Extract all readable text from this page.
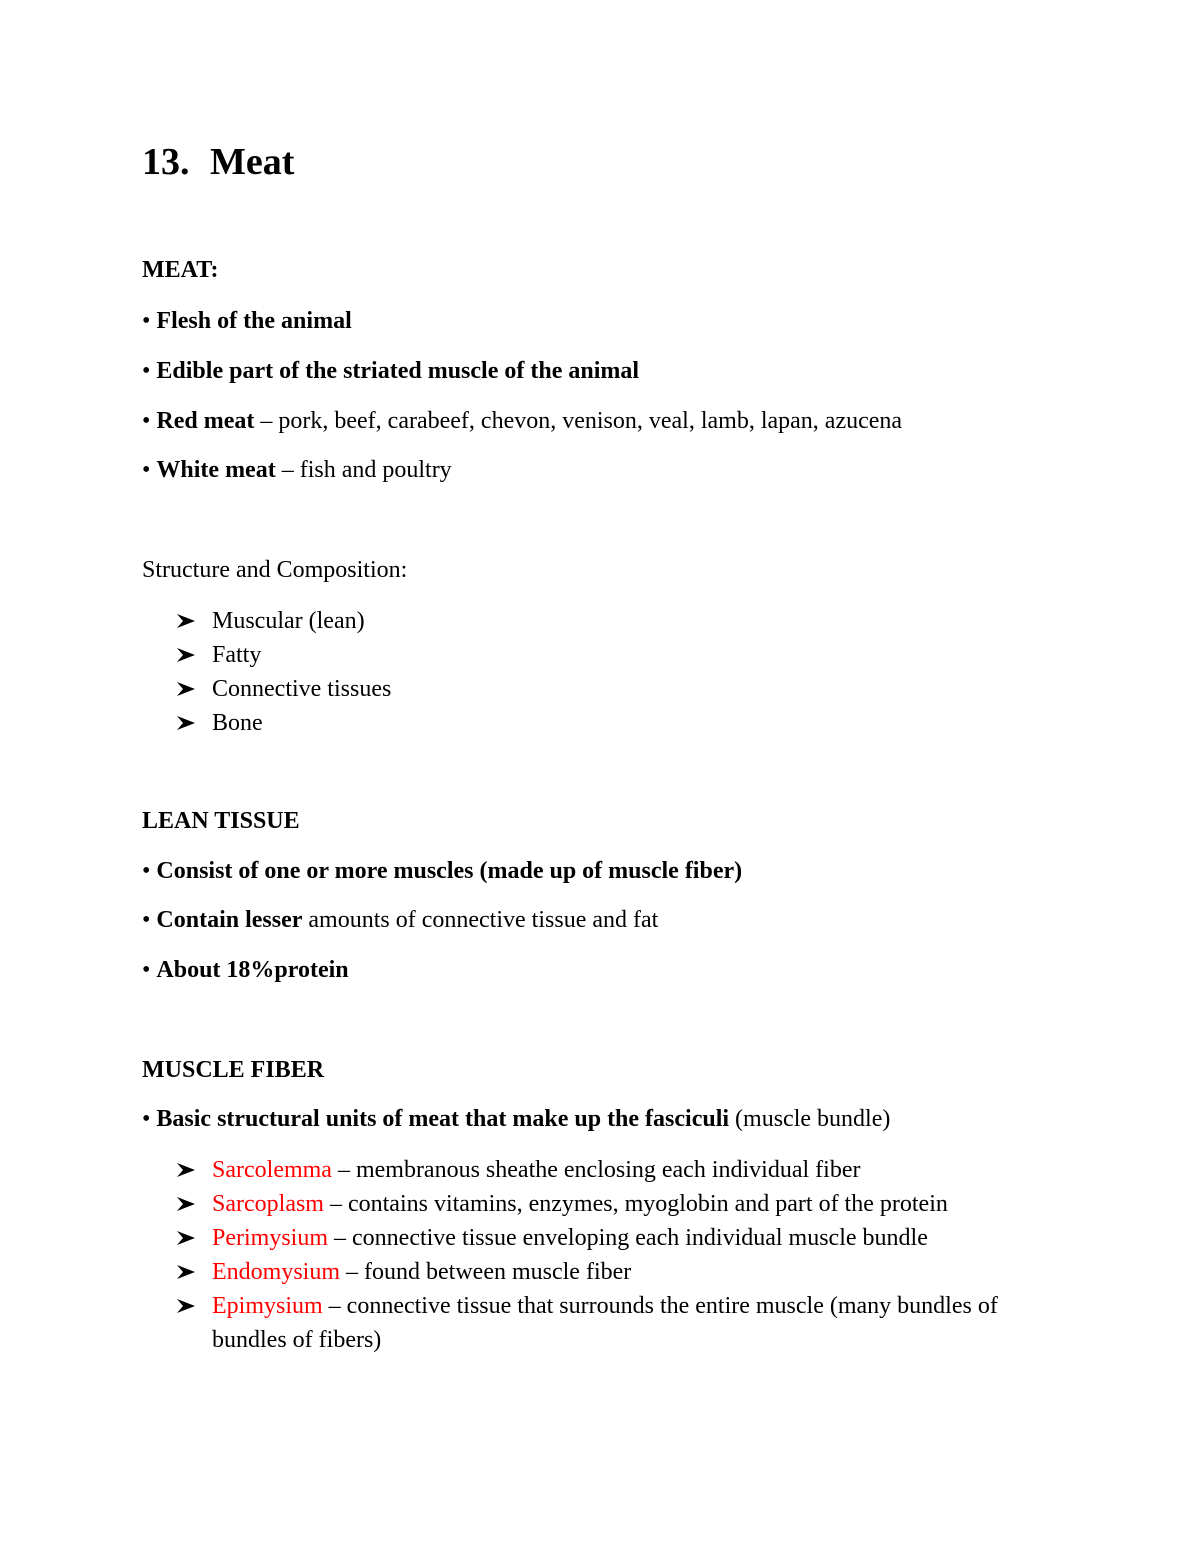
13. Meat
MEAT:
• Flesh of the animal
• Edible part of the striated muscle of the animal
• Red meat – pork, beef, carabeef, chevon, venison, veal, lamb, lapan, azucena
• White meat – fish and poultry
Structure and Composition:
Muscular (lean)
Fatty
Connective tissues
Bone
LEAN TISSUE
• Consist of one or more muscles (made up of muscle fiber)
• Contain lesser amounts of connective tissue and fat
• About 18%protein
MUSCLE FIBER
• Basic structural units of meat that make up the fasciculi (muscle bundle)
Sarcolemma – membranous sheathe enclosing each individual fiber
Sarcoplasm – contains vitamins, enzymes, myoglobin and part of the protein
Perimysium – connective tissue enveloping each individual muscle bundle
Endomysium – found between muscle fiber
Epimysium – connective tissue that surrounds the entire muscle (many bundles of bundles of fibers)
